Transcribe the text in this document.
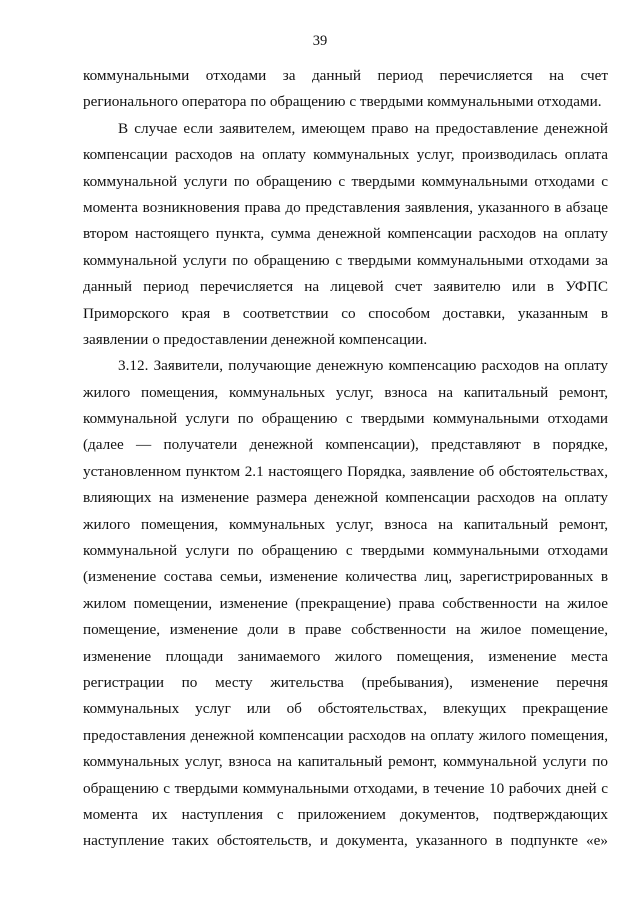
39
коммунальными отходами за данный период перечисляется на счет
регионального оператора по обращению с твердыми коммунальными отходами.
В случае если заявителем, имеющем право на предоставление денежной
компенсации расходов на оплату коммунальных услуг, производилась оплата
коммунальной услуги по обращению с твердыми коммунальными отходами с
момента возникновения права до представления заявления, указанного в абзаце
втором настоящего пункта, сумма денежной компенсации расходов на оплату
коммунальной услуги по обращению с твердыми коммунальными отходами за
данный период перечисляется на лицевой счет заявителю или в УФПС
Приморского края в соответствии со способом доставки, указанным в
заявлении о предоставлении денежной компенсации.
3.12. Заявители, получающие денежную компенсацию расходов на оплату
жилого помещения, коммунальных услуг, взноса на капитальный ремонт,
коммунальной услуги по обращению с твердыми коммунальными отходами
(далее — получатели денежной компенсации), представляют в порядке,
установленном пунктом 2.1 настоящего Порядка, заявление об обстоятельствах,
влияющих на изменение размера денежной компенсации расходов на оплату
жилого помещения, коммунальных услуг, взноса на капитальный ремонт,
коммунальной услуги по обращению с твердыми коммунальными отходами
(изменение состава семьи, изменение количества лиц, зарегистрированных в
жилом помещении, изменение (прекращение) права собственности на жилое
помещение, изменение доли в праве собственности на жилое помещение,
изменение площади занимаемого жилого помещения, изменение места
регистрации по месту жительства (пребывания), изменение перечня
коммунальных услуг или об обстоятельствах, влекущих прекращение
предоставления денежной компенсации расходов на оплату жилого помещения,
коммунальных услуг, взноса на капитальный ремонт, коммунальной услуги по
обращению с твердыми коммунальными отходами, в течение 10 рабочих дней с
момента их наступления с приложением документов, подтверждающих
наступление таких обстоятельств, и документа, указанного в подпункте «е»
